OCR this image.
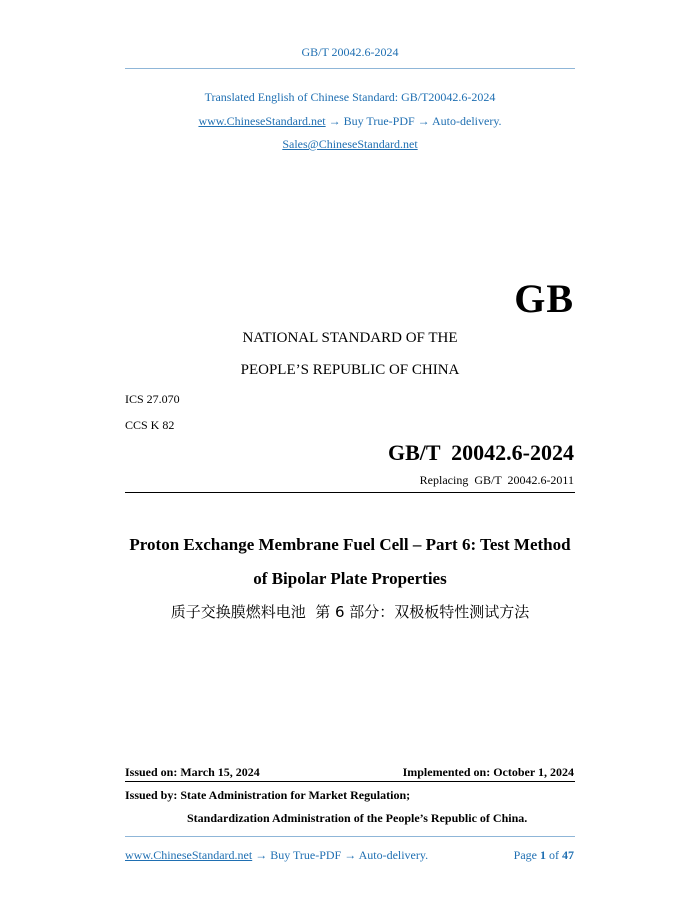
GB/T 20042.6-2024
Translated English of Chinese Standard: GB/T20042.6-2024
www.ChineseStandard.net → Buy True-PDF → Auto-delivery.
Sales@ChineseStandard.net
GB
NATIONAL STANDARD OF THE
PEOPLE’S REPUBLIC OF CHINA
ICS 27.070
CCS K 82
GB/T  20042.6-2024
Replacing  GB/T  20042.6-2011
Proton Exchange Membrane Fuel Cell – Part 6: Test Method
of Bipolar Plate Properties
质子交换膜燃料电池  第 6 部分：双极板特性测试方法
Issued on: March 15, 2024	Implemented on: October 1, 2024
Issued by: State Administration for Market Regulation;
Standardization Administration of the People’s Republic of China.
www.ChineseStandard.net → Buy True-PDF → Auto-delivery.	Page 1 of 47
